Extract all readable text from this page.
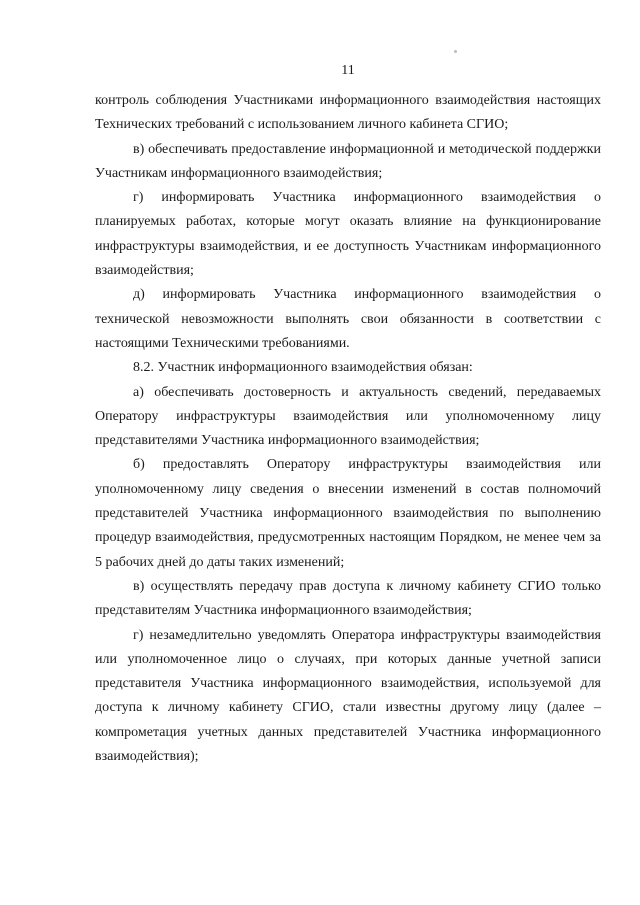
11

контроль соблюдения Участниками информационного взаимодействия настоящих Технических требований с использованием личного кабинета СГИО;

в) обеспечивать предоставление информационной и методической поддержки Участникам информационного взаимодействия;

г) информировать Участника информационного взаимодействия о планируемых работах, которые могут оказать влияние на функционирование инфраструктуры взаимодействия, и ее доступность Участникам информационного взаимодействия;

д) информировать Участника информационного взаимодействия о технической невозможности выполнять свои обязанности в соответствии с настоящими Техническими требованиями.

8.2. Участник информационного взаимодействия обязан:

а) обеспечивать достоверность и актуальность сведений, передаваемых Оператору инфраструктуры взаимодействия или уполномоченному лицу представителями Участника информационного взаимодействия;

б) предоставлять Оператору инфраструктуры взаимодействия или уполномоченному лицу сведения о внесении изменений в состав полномочий представителей Участника информационного взаимодействия по выполнению процедур взаимодействия, предусмотренных настоящим Порядком, не менее чем за 5 рабочих дней до даты таких изменений;

в) осуществлять передачу прав доступа к личному кабинету СГИО только представителям Участника информационного взаимодействия;

г) незамедлительно уведомлять Оператора инфраструктуры взаимодействия или уполномоченное лицо о случаях, при которых данные учетной записи представителя Участника информационного взаимодействия, используемой для доступа к личному кабинету СГИО, стали известны другому лицу (далее – компрометация учетных данных представителей Участника информационного взаимодействия);
